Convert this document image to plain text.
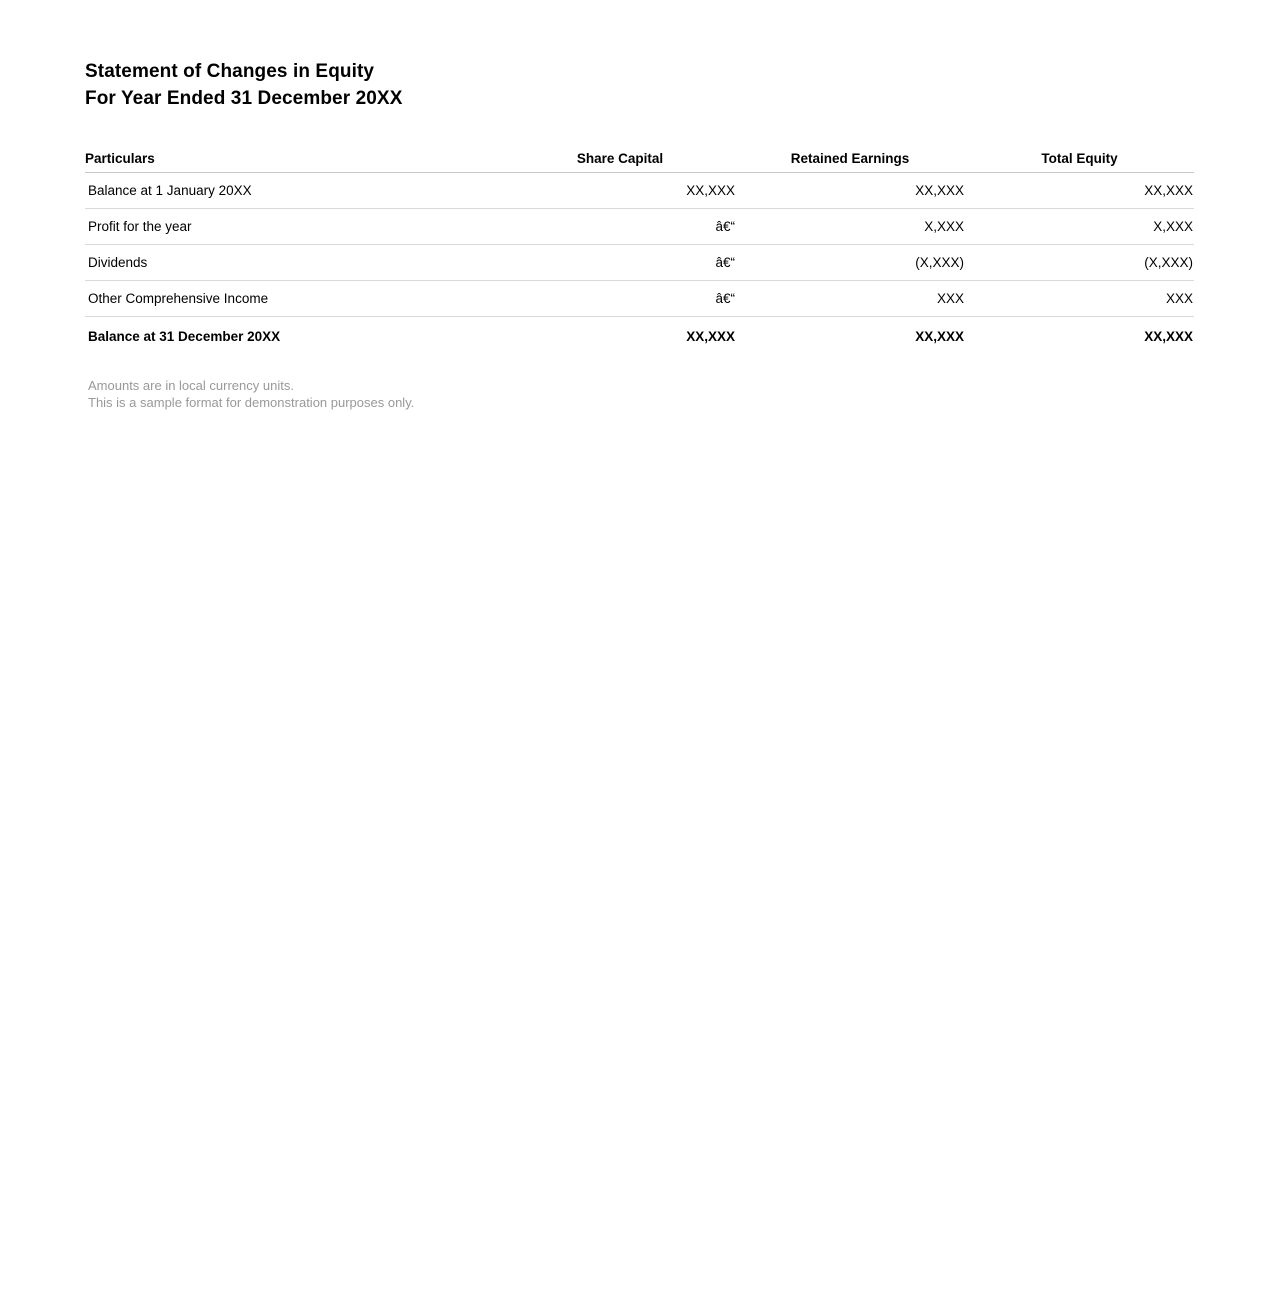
Statement of Changes in Equity
For Year Ended 31 December 20XX
Particulars	Share Capital	Retained Earnings	Total Equity
Balance at 1 January 20XX	XX,XXX	XX,XXX	XX,XXX
Profit for the year	â€“	X,XXX	X,XXX
Dividends	â€“	(X,XXX)	(X,XXX)
Other Comprehensive Income	â€“	XXX	XXX
Balance at 31 December 20XX	XX,XXX	XX,XXX	XX,XXX
Amounts are in local currency units.
This is a sample format for demonstration purposes only.
